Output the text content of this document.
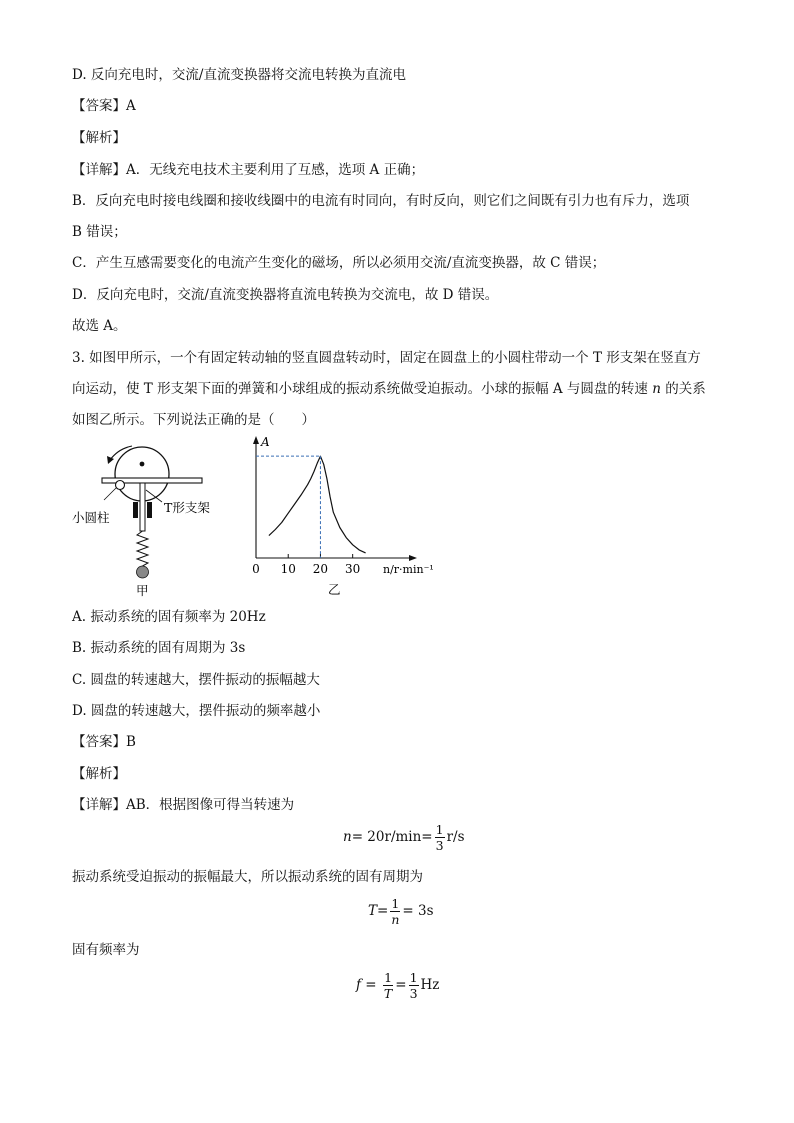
D. 反向充电时，交流/直流变换器将交流电转换为直流电
【答案】A
【解析】
【详解】A．无线充电技术主要利用了互感，选项 A 正确；
B．反向充电时接电线圈和接收线圈中的电流有时同向，有时反向，则它们之间既有引力也有斥力，选项
B 错误；
C．产生互感需要变化的电流产生变化的磁场，所以必须用交流/直流变换器，故 C 错误；
D．反向充电时，交流/直流变换器将直流电转换为交流电，故 D 错误。
故选 A。
3. 如图甲所示，一个有固定转动轴的竖直圆盘转动时，固定在圆盘上的小圆柱带动一个 T 形支架在竖直方
向运动，使 T 形支架下面的弹簧和小球组成的振动系统做受迫振动。小球的振幅 A 与圆盘的转速 n 的关系
如图乙所示。下列说法正确的是（　　）
小圆柱
T形支架
甲
A
0 10 20 30 n/r·min⁻¹
乙
A. 振动系统的固有频率为 20Hz
B. 振动系统的固有周期为 3s
C. 圆盘的转速越大，摆件振动的振幅越大
D. 圆盘的转速越大，摆件振动的频率越小
【答案】B
【解析】
【详解】AB．根据图像可得当转速为
$n= 20r/\min= \frac{1}{3} r/s$
振动系统受迫振动的振幅最大，所以振动系统的固有周期为
$T= \frac{1}{n} = 3s$
固有频率为
$f = \frac{1}{T} = \frac{1}{3}$ Hz
